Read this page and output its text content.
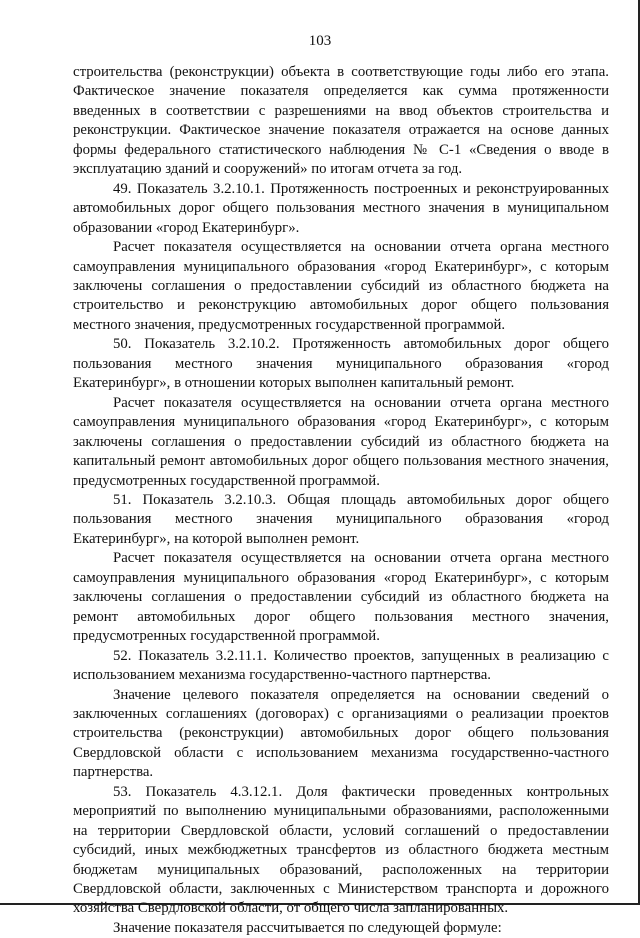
103

строительства (реконструкции) объекта в соответствующие годы либо его этапа. Фактическое значение показателя определяется как сумма протяженности введенных в соответствии с разрешениями на ввод объектов строительства и реконструкции. Фактическое значение показателя отражается на основе данных формы федерального статистического наблюдения № С-1 «Сведения о вводе в эксплуатацию зданий и сооружений» по итогам отчета за год.

49. Показатель 3.2.10.1. Протяженность построенных и реконструированных автомобильных дорог общего пользования местного значения в муниципальном образовании «город Екатеринбург».

Расчет показателя осуществляется на основании отчета органа местного самоуправления муниципального образования «город Екатеринбург», с которым заключены соглашения о предоставлении субсидий из областного бюджета на строительство и реконструкцию автомобильных дорог общего пользования местного значения, предусмотренных государственной программой.

50. Показатель 3.2.10.2. Протяженность автомобильных дорог общего пользования местного значения муниципального образования «город Екатеринбург», в отношении которых выполнен капитальный ремонт.

Расчет показателя осуществляется на основании отчета органа местного самоуправления муниципального образования «город Екатеринбург», с которым заключены соглашения о предоставлении субсидий из областного бюджета на капитальный ремонт автомобильных дорог общего пользования местного значения, предусмотренных государственной программой.

51. Показатель 3.2.10.3. Общая площадь автомобильных дорог общего пользования местного значения муниципального образования «город Екатеринбург», на которой выполнен ремонт.

Расчет показателя осуществляется на основании отчета органа местного самоуправления муниципального образования «город Екатеринбург», с которым заключены соглашения о предоставлении субсидий из областного бюджета на ремонт автомобильных дорог общего пользования местного значения, предусмотренных государственной программой.

52. Показатель 3.2.11.1. Количество проектов, запущенных в реализацию с использованием механизма государственно-частного партнерства.

Значение целевого показателя определяется на основании сведений о заключенных соглашениях (договорах) с организациями о реализации проектов строительства (реконструкции) автомобильных дорог общего пользования Свердловской области с использованием механизма государственно-частного партнерства.

53. Показатель 4.3.12.1. Доля фактически проведенных контрольных мероприятий по выполнению муниципальными образованиями, расположенными на территории Свердловской области, условий соглашений о предоставлении субсидий, иных межбюджетных трансфертов из областного бюджета местным бюджетам муниципальных образований, расположенных на территории Свердловской области, заключенных с Министерством транспорта и дорожного хозяйства Свердловской области, от общего числа запланированных.

Значение показателя рассчитывается по следующей формуле:
